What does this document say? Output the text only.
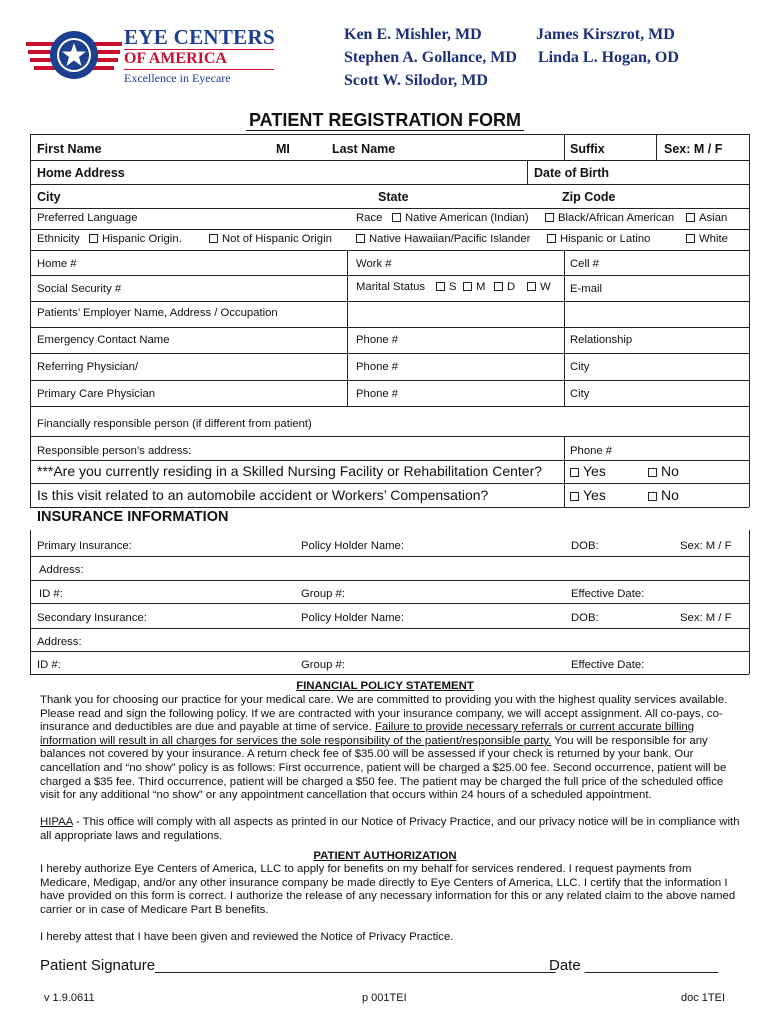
EYE CENTERS
OF AMERICA
Excellence in Eyecare
Ken E. Mishler, MD
Stephen A. Gollance, MD
Scott W. Silodor, MD
James Kirszrot, MD
Linda L. Hogan, OD
PATIENT REGISTRATION FORM
First Name	MI	Last Name	Suffix	Sex: M / F
Home Address	Date of Birth
City	State	Zip Code
Preferred Language	Race	Native American (Indian)	Black/African American	Asian
Ethnicity	Hispanic Origin.	Not of Hispanic Origin	Native Hawaiian/Pacific Islander	Hispanic or Latino	White
Home #	Work #	Cell #
Social Security #	Marital Status	S	M	D	W E-mail
Patients’ Employer Name, Address / Occupation
Emergency Contact Name	Phone #	Relationship
Referring Physician/	Phone #	City
Primary Care Physician	Phone #	City
Financially responsible person (if different from patient)
Responsible person’s address:	Phone #
***Are you currently residing in a Skilled Nursing Facility or Rehabilitation Center?	Yes	No
Is this visit related to an automobile accident or Workers’ Compensation?	Yes	No
INSURANCE INFORMATION
Primary Insurance:	Policy Holder Name:	DOB:	Sex: M / F
Address:
ID #:	Group #:	Effective Date:
Secondary Insurance:	Policy Holder Name:	DOB:	Sex: M / F
Address:
ID #:	Group #:	Effective Date:
FINANCIAL POLICY STATEMENT
Thank you for choosing our practice for your medical care. We are committed to providing you with the highest quality services available. Please read and sign the following policy. If we are contracted with your insurance company, we will accept assignment. All co-pays, co-insurance and deductibles are due and payable at time of service. Failure to provide necessary referrals or current accurate billing information will result in all charges for services the sole responsibility of the patient/responsible party. You will be responsible for any balances not covered by your insurance. A return check fee of $35.00 will be assessed if your check is returned by your bank. Our cancellation and “no show” policy is as follows: First occurrence, patient will be charged a $25.00 fee. Second occurrence, patient will be charged a $35 fee. Third occurrence, patient will be charged a $50 fee. The patient may be charged the full price of the scheduled office visit for any additional “no show” or any appointment cancellation that occurs within 24 hours of a scheduled appointment.
HIPAA - This office will comply with all aspects as printed in our Notice of Privacy Practice, and our privacy notice will be in compliance with all appropriate laws and regulations.
PATIENT AUTHORIZATION
I hereby authorize Eye Centers of America, LLC to apply for benefits on my behalf for services rendered. I request payments from Medicare, Medigap, and/or any other insurance company be made directly to Eye Centers of America, LLC. I certify that the information I have provided on this form is correct. I authorize the release of any necessary information for this or any related claim to the above named carrier or in case of Medicare Part B benefits.
I hereby attest that I have been given and reviewed the Notice of Privacy Practice.
Patient Signature________________________________________________
Date ________________
v 1.9.0611	p 001TEI	doc 1TEI
